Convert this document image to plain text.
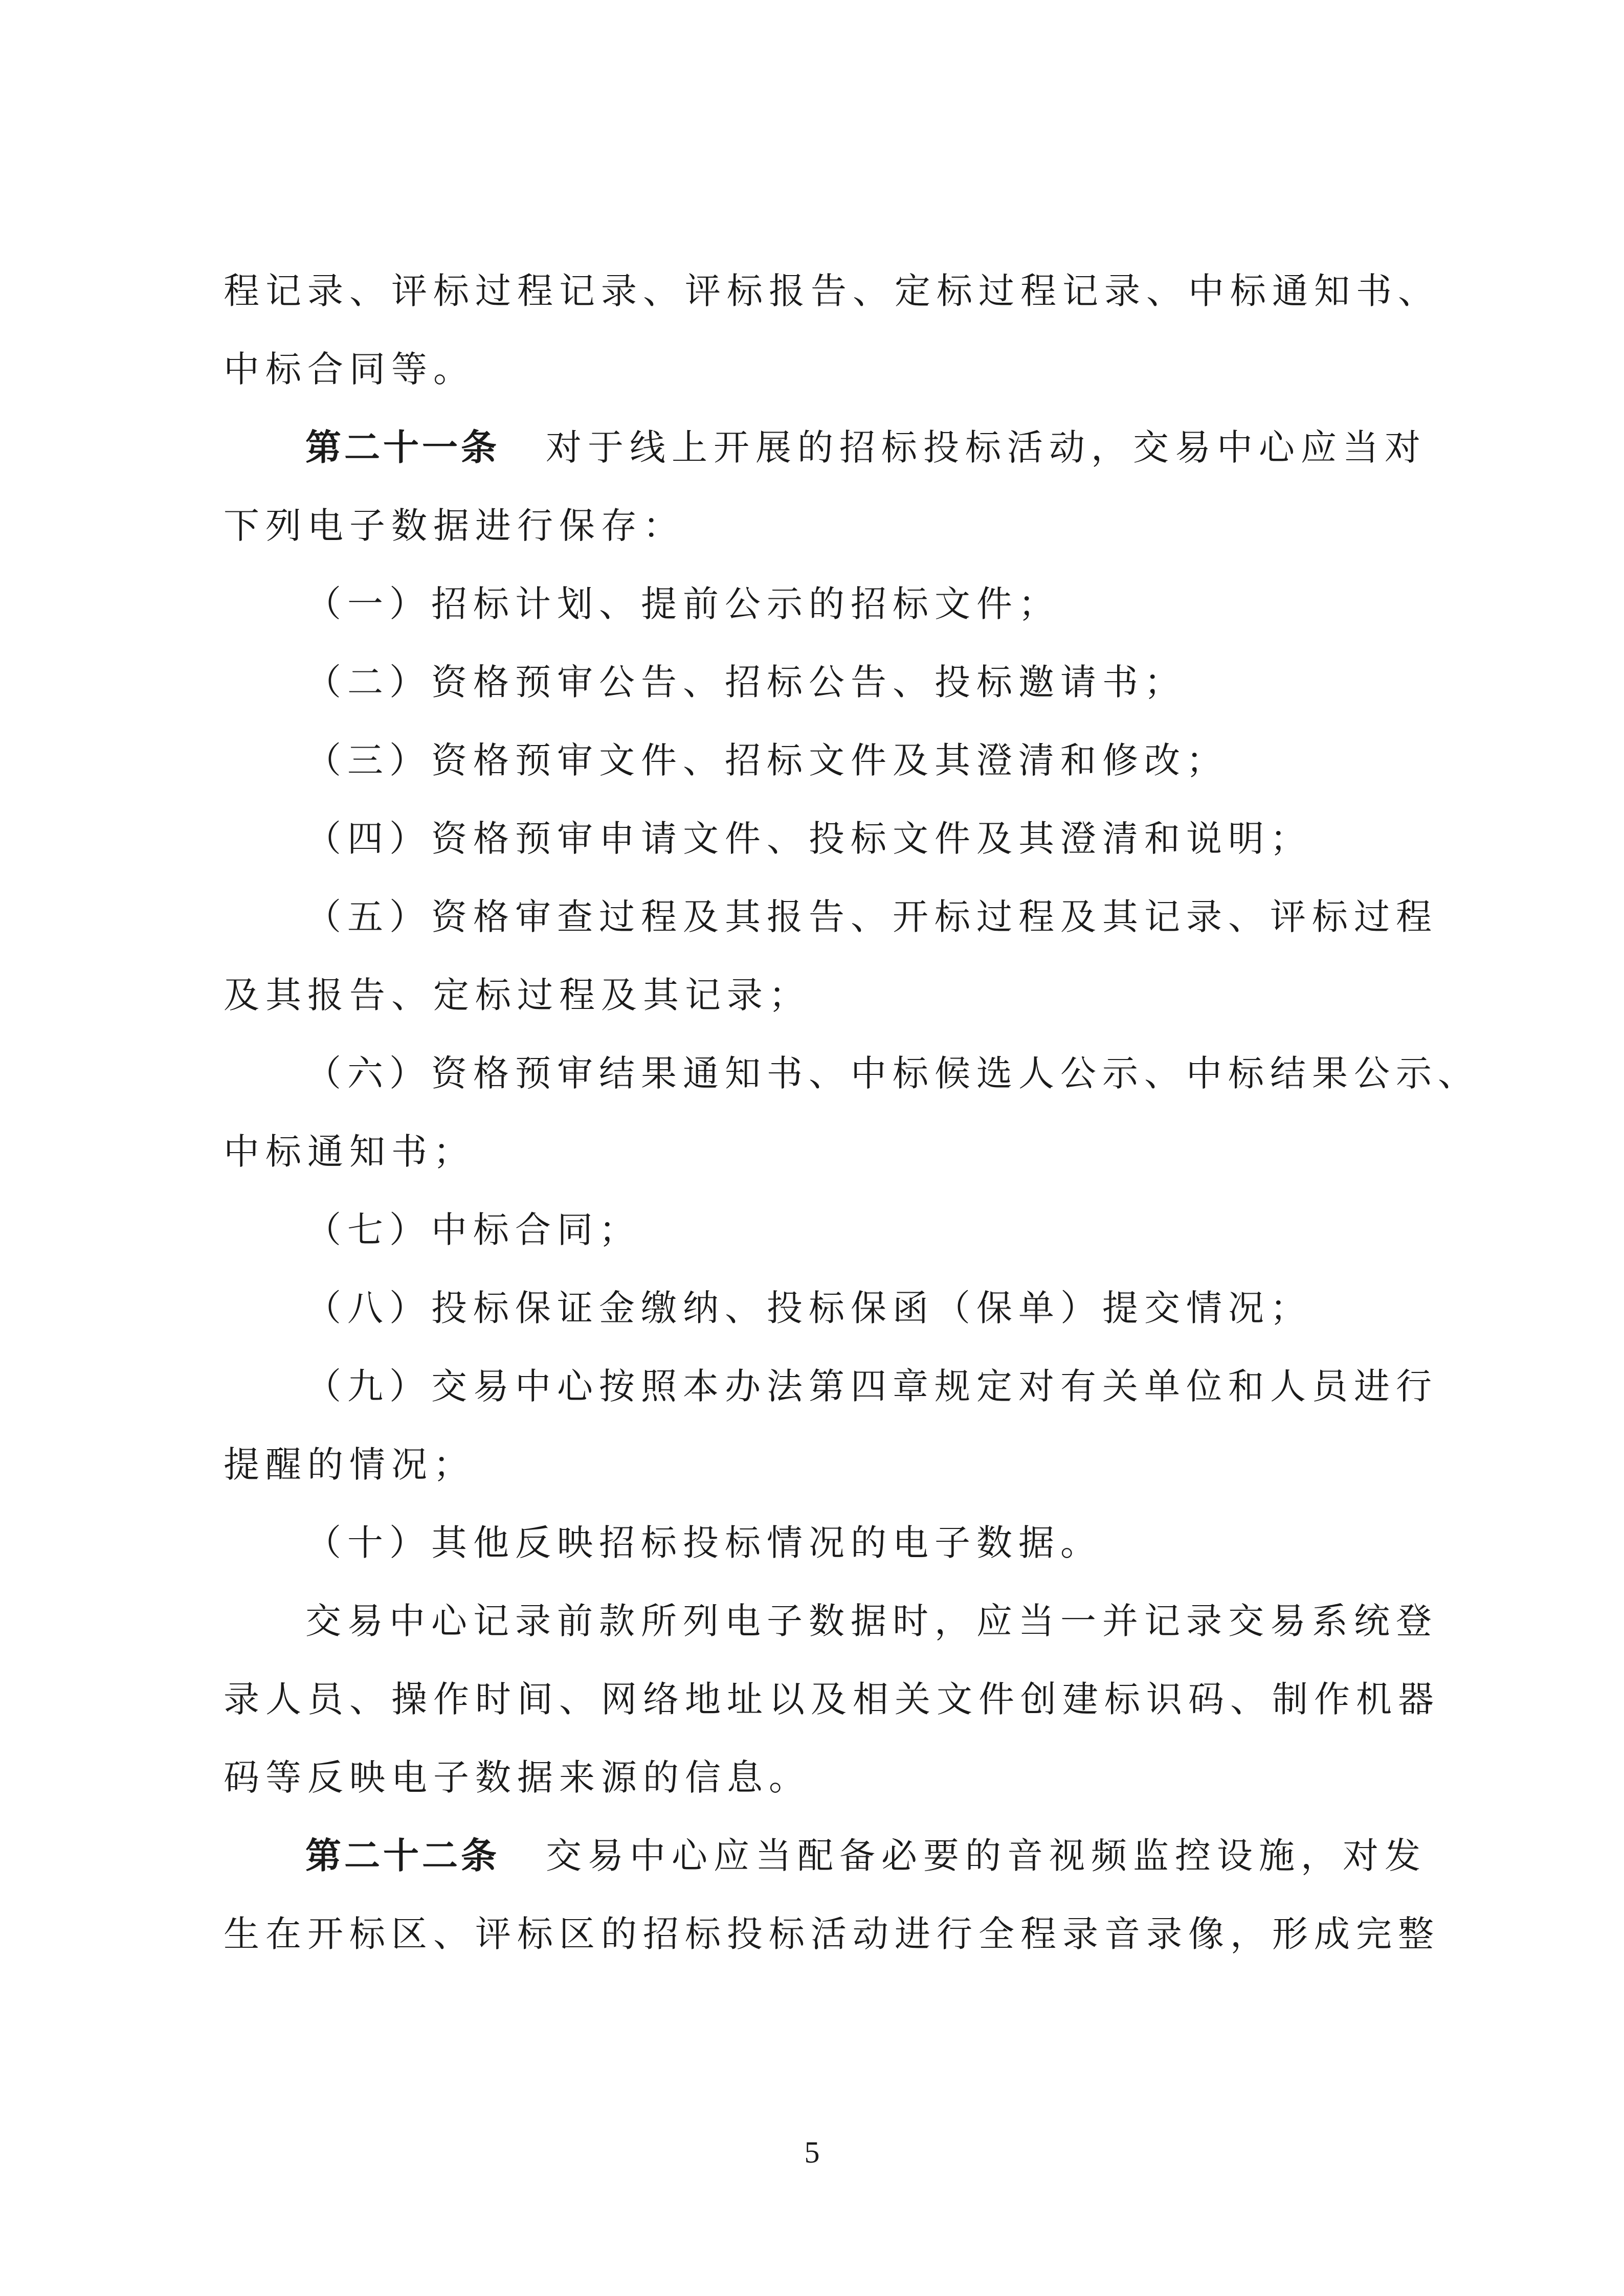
程记录、评标过程记录、评标报告、定标过程记录、中标通知书、
中标合同等。
第二十一条 对于线上开展的招标投标活动，交易中心应当对
下列电子数据进行保存：
（一）招标计划、提前公示的招标文件；
（二）资格预审公告、招标公告、投标邀请书；
（三）资格预审文件、招标文件及其澄清和修改；
（四）资格预审申请文件、投标文件及其澄清和说明；
（五）资格审查过程及其报告、开标过程及其记录、评标过程
及其报告、定标过程及其记录；
（六）资格预审结果通知书、中标候选人公示、中标结果公示、
中标通知书；
（七）中标合同；
（八）投标保证金缴纳、投标保函（保单）提交情况；
（九）交易中心按照本办法第四章规定对有关单位和人员进行
提醒的情况；
（十）其他反映招标投标情况的电子数据。
交易中心记录前款所列电子数据时，应当一并记录交易系统登
录人员、操作时间、网络地址以及相关文件创建标识码、制作机器
码等反映电子数据来源的信息。
第二十二条 交易中心应当配备必要的音视频监控设施，对发
生在开标区、评标区的招标投标活动进行全程录音录像，形成完整
5
